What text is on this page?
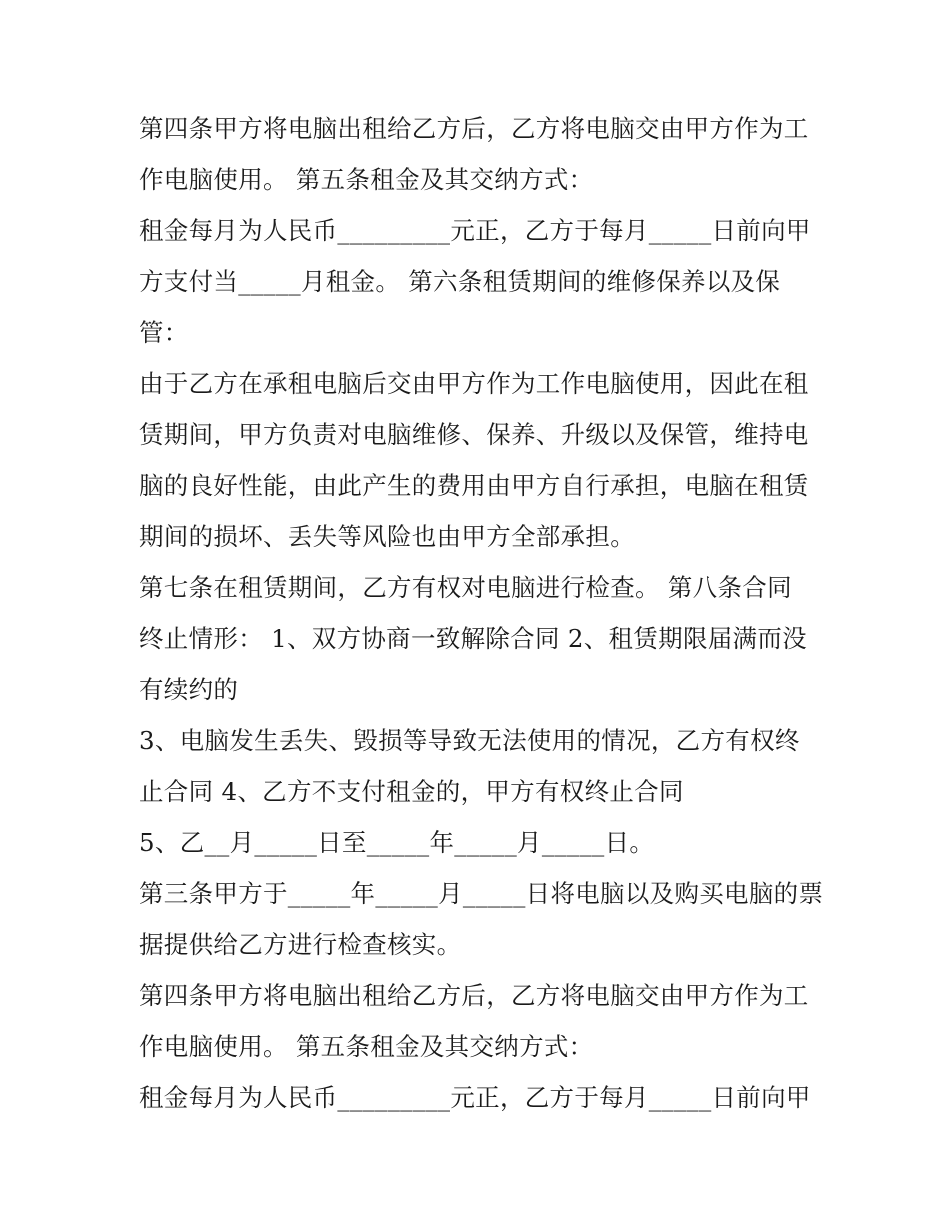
第四条甲方将电脑出租给乙方后，乙方将电脑交由甲方作为工
作电脑使用。 第五条租金及其交纳方式：
租金每月为人民币_________元正，乙方于每月_____日前向甲
方支付当_____月租金。 第六条租赁期间的维修保养以及保
管：
由于乙方在承租电脑后交由甲方作为工作电脑使用，因此在租
赁期间，甲方负责对电脑维修、保养、升级以及保管，维持电
脑的良好性能，由此产生的费用由甲方自行承担，电脑在租赁
期间的损坏、丢失等风险也由甲方全部承担。
第七条在租赁期间，乙方有权对电脑进行检查。 第八条合同
终止情形： 1、双方协商一致解除合同 2、租赁期限届满而没
有续约的
3、电脑发生丢失、毁损等导致无法使用的情况，乙方有权终
止合同 4、乙方不支付租金的，甲方有权终止合同
5、乙__月_____日至_____年_____月_____日。
第三条甲方于_____年_____月_____日将电脑以及购买电脑的票
据提供给乙方进行检查核实。
第四条甲方将电脑出租给乙方后，乙方将电脑交由甲方作为工
作电脑使用。 第五条租金及其交纳方式：
租金每月为人民币_________元正，乙方于每月_____日前向甲
